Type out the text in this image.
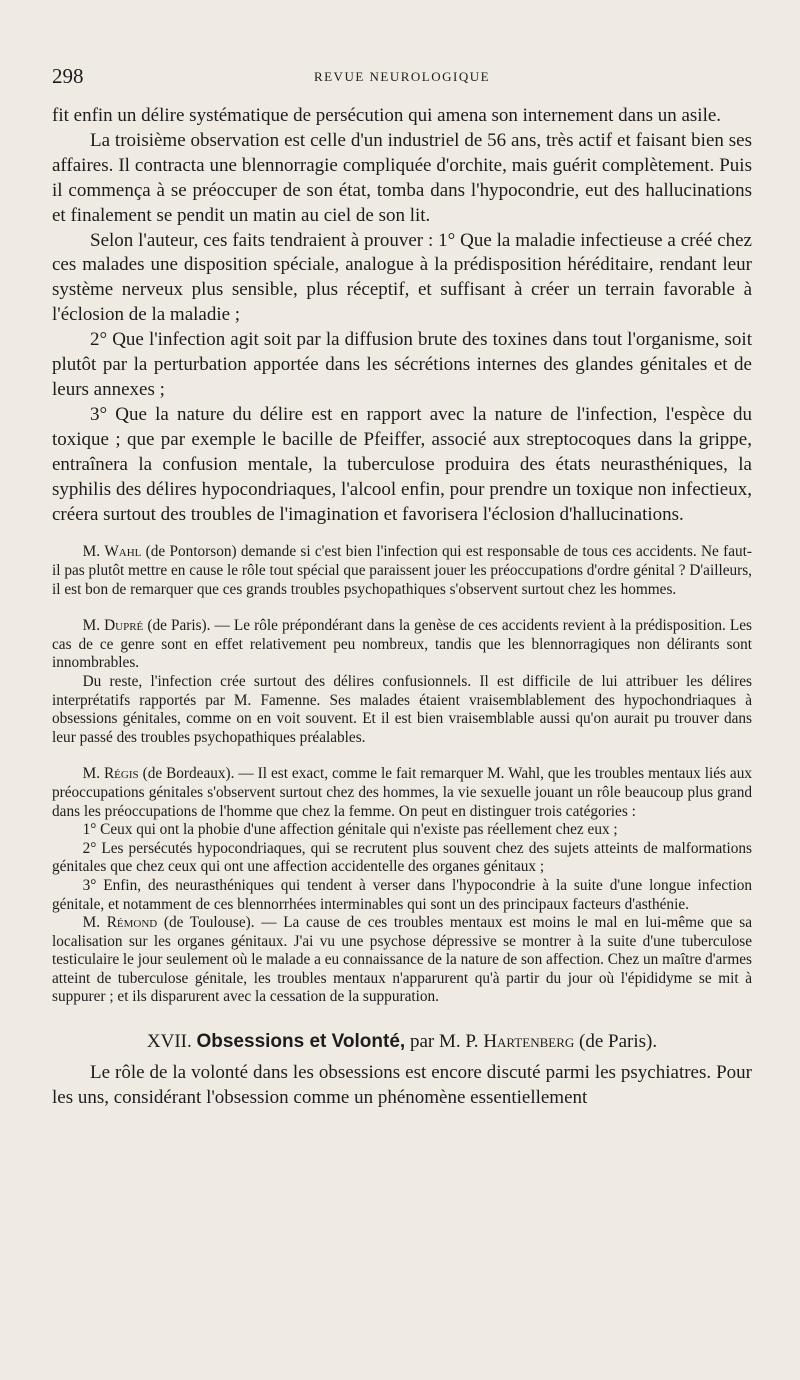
298	REVUE NEUROLOGIQUE

fit enfin un délire systématique de persécution qui amena son internement dans un asile.

La troisième observation est celle d'un industriel de 56 ans, très actif et faisant bien ses affaires. Il contracta une blennorragie compliquée d'orchite, mais guérit complètement. Puis il commença à se préoccuper de son état, tomba dans l'hypocondrie, eut des hallucinations et finalement se pendit un matin au ciel de son lit.

Selon l'auteur, ces faits tendraient à prouver : 1° Que la maladie infectieuse a créé chez ces malades une disposition spéciale, analogue à la prédisposition héréditaire, rendant leur système nerveux plus sensible, plus réceptif, et suffisant à créer un terrain favorable à l'éclosion de la maladie ;

2° Que l'infection agit soit par la diffusion brute des toxines dans tout l'organisme, soit plutôt par la perturbation apportée dans les sécrétions internes des glandes génitales et de leurs annexes ;

3° Que la nature du délire est en rapport avec la nature de l'infection, l'espèce du toxique ; que par exemple le bacille de Pfeiffer, associé aux streptocoques dans la grippe, entraînera la confusion mentale, la tuberculose produira des états neurasthéniques, la syphilis des délires hypocondriaques, l'alcool enfin, pour prendre un toxique non infectieux, créera surtout des troubles de l'imagination et favorisera l'éclosion d'hallucinations.

M. Wahl (de Pontorson) demande si c'est bien l'infection qui est responsable de tous ces accidents. Ne faut-il pas plutôt mettre en cause le rôle tout spécial que paraissent jouer les préoccupations d'ordre génital ? D'ailleurs, il est bon de remarquer que ces grands troubles psychopathiques s'observent surtout chez les hommes.

M. Dupré (de Paris). — Le rôle prépondérant dans la genèse de ces accidents revient à la prédisposition. Les cas de ce genre sont en effet relativement peu nombreux, tandis que les blennorragiques non délirants sont innombrables.

Du reste, l'infection crée surtout des délires confusionnels. Il est difficile de lui attribuer les délires interprétatifs rapportés par M. Famenne. Ses malades étaient vraisemblablement des hypochondriaques à obsessions génitales, comme on en voit souvent. Et il est bien vraisemblable aussi qu'on aurait pu trouver dans leur passé des troubles psychopathiques préalables.

M. Régis (de Bordeaux). — Il est exact, comme le fait remarquer M. Wahl, que les troubles mentaux liés aux préoccupations génitales s'observent surtout chez des hommes, la vie sexuelle jouant un rôle beaucoup plus grand dans les préoccupations de l'homme que chez la femme. On peut en distinguer trois catégories :

1° Ceux qui ont la phobie d'une affection génitale qui n'existe pas réellement chez eux ;

2° Les persécutés hypocondriaques, qui se recrutent plus souvent chez des sujets atteints de malformations génitales que chez ceux qui ont une affection accidentelle des organes génitaux ;

3° Enfin, des neurasthéniques qui tendent à verser dans l'hypocondrie à la suite d'une longue infection génitale, et notamment de ces blennorrhées interminables qui sont un des principaux facteurs d'asthénie.

M. Rémond (de Toulouse). — La cause de ces troubles mentaux est moins le mal en lui-même que sa localisation sur les organes génitaux. J'ai vu une psychose dépressive se montrer à la suite d'une tuberculose testiculaire le jour seulement où le malade a eu connaissance de la nature de son affection. Chez un maître d'armes atteint de tuberculose génitale, les troubles mentaux n'apparurent qu'à partir du jour où l'épididyme se mit à suppurer ; et ils disparurent avec la cessation de la suppuration.

XVII. Obsessions et Volonté, par M. P. Hartenberg (de Paris).

Le rôle de la volonté dans les obsessions est encore discuté parmi les psychiatres. Pour les uns, considérant l'obsession comme un phénomène essentiellement
